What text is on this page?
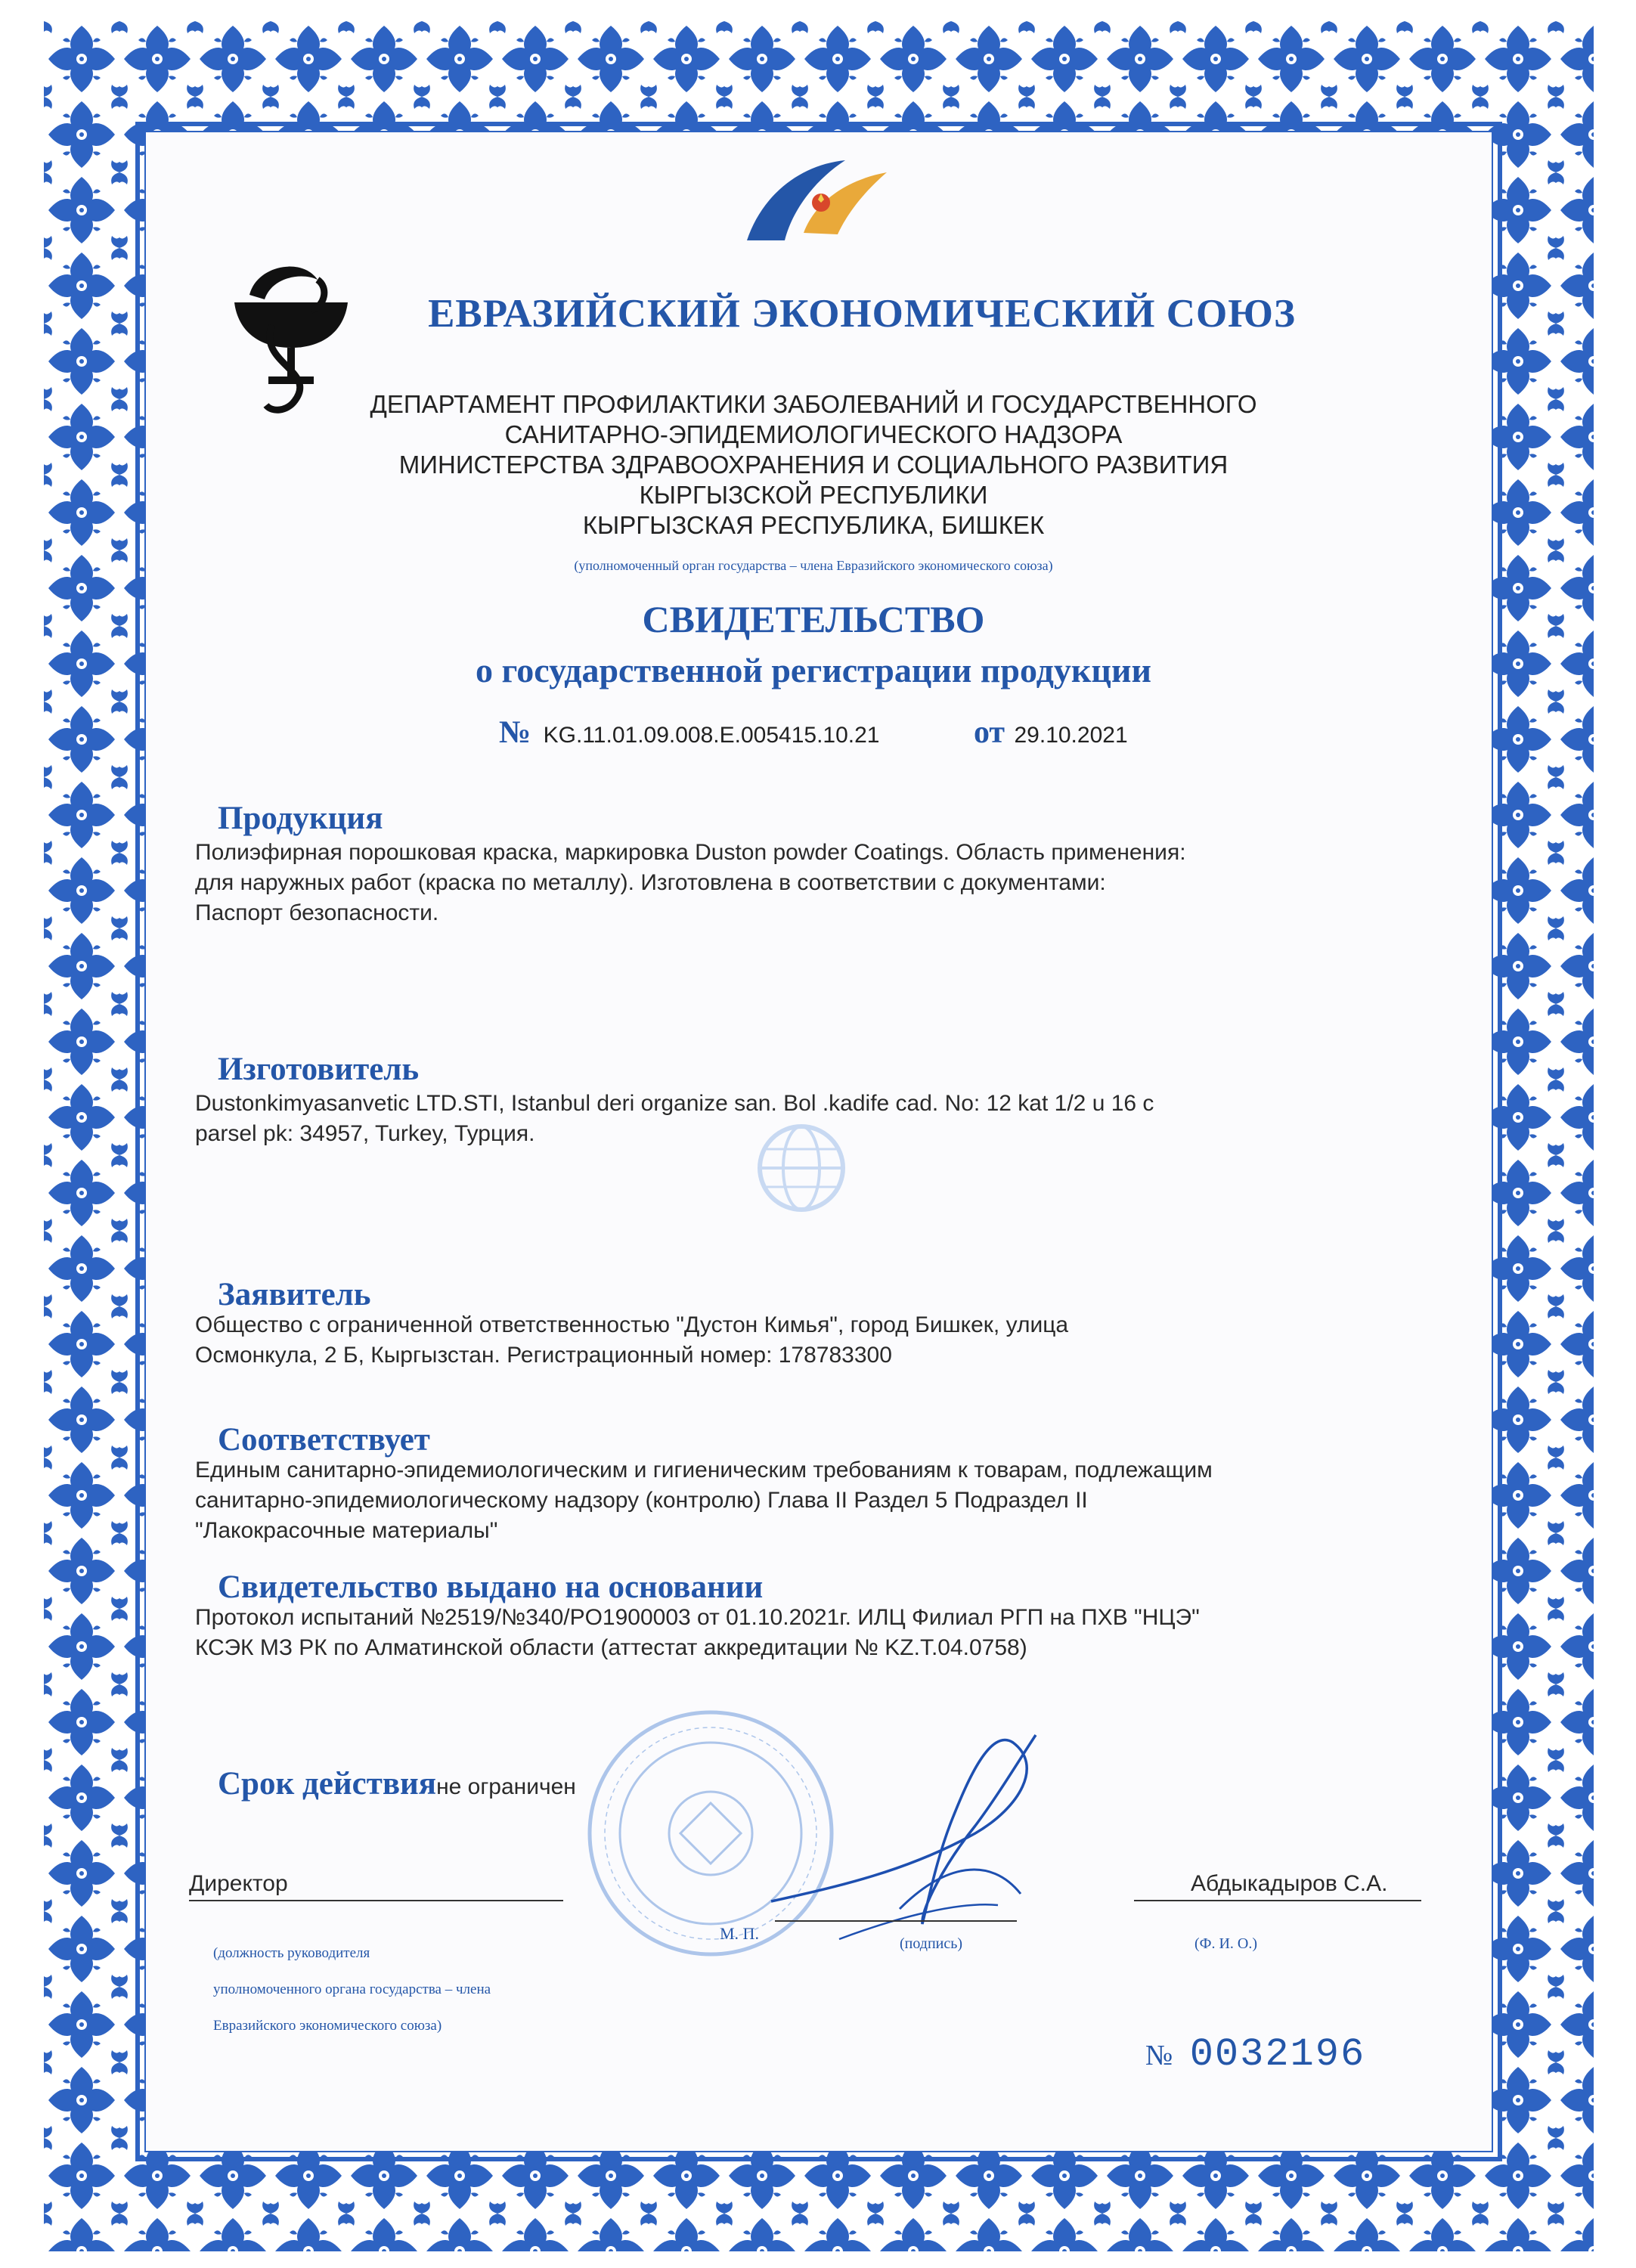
ЕВРАЗИЙСКИЙ ЭКОНОМИЧЕСКИЙ СОЮЗ
ДЕПАРТАМЕНТ ПРОФИЛАКТИКИ ЗАБОЛЕВАНИЙ И ГОСУДАРСТВЕННОГО
САНИТАРНО-ЭПИДЕМИОЛОГИЧЕСКОГО НАДЗОРА
МИНИСТЕРСТВА ЗДРАВООХРАНЕНИЯ И СОЦИАЛЬНОГО РАЗВИТИЯ
КЫРГЫЗСКОЙ РЕСПУБЛИКИ
КЫРГЫЗСКАЯ РЕСПУБЛИКА, БИШКЕК
(уполномоченный орган государства – члена Евразийского экономического союза)
СВИДЕТЕЛЬСТВО
о государственной регистрации продукции
№ KG.11.01.09.008.Е.005415.10.21	от 29.10.2021
Продукция
Полиэфирная порошковая краска, маркировка Duston powder Coatings. Область применения:
для наружных работ (краска по металлу). Изготовлена в соответствии с документами:
Паспорт безопасности.
Изготовитель
Dustonkimyasanvetic LTD.STI, Istanbul deri organize san. Bol .kadife cad. No: 12 kat 1/2 u 16 c
parsel pk: 34957, Turkey, Турция.
Заявитель
Общество с ограниченной ответственностью "Дустон Кимья", город Бишкек, улица
Осмонкула, 2 Б, Кыргызстан. Регистрационный номер: 178783300
Соответствует
Единым санитарно-эпидемиологическим и гигиеническим требованиям к товарам, подлежащим
санитарно-эпидемиологическому надзору (контролю) Глава II Раздел 5 Подраздел II
"Лакокрасочные материалы"
Свидетельство выдано на основании
Протокол испытаний №2519/№340/PO1900003 от 01.10.2021г. ИЛЦ Филиал РГП на ПХВ "НЦЭ"
КСЭК МЗ РК по Алматинской области (аттестат аккредитации № KZ.T.04.0758)
Срок действияне ограничен
Директор
(должность руководителя
уполномоченного органа государства – члена
Евразийского экономического союза)
М. П.
(подпись)
Абдыкадыров С.А.
(Ф. И. О.)
№ 0032196
